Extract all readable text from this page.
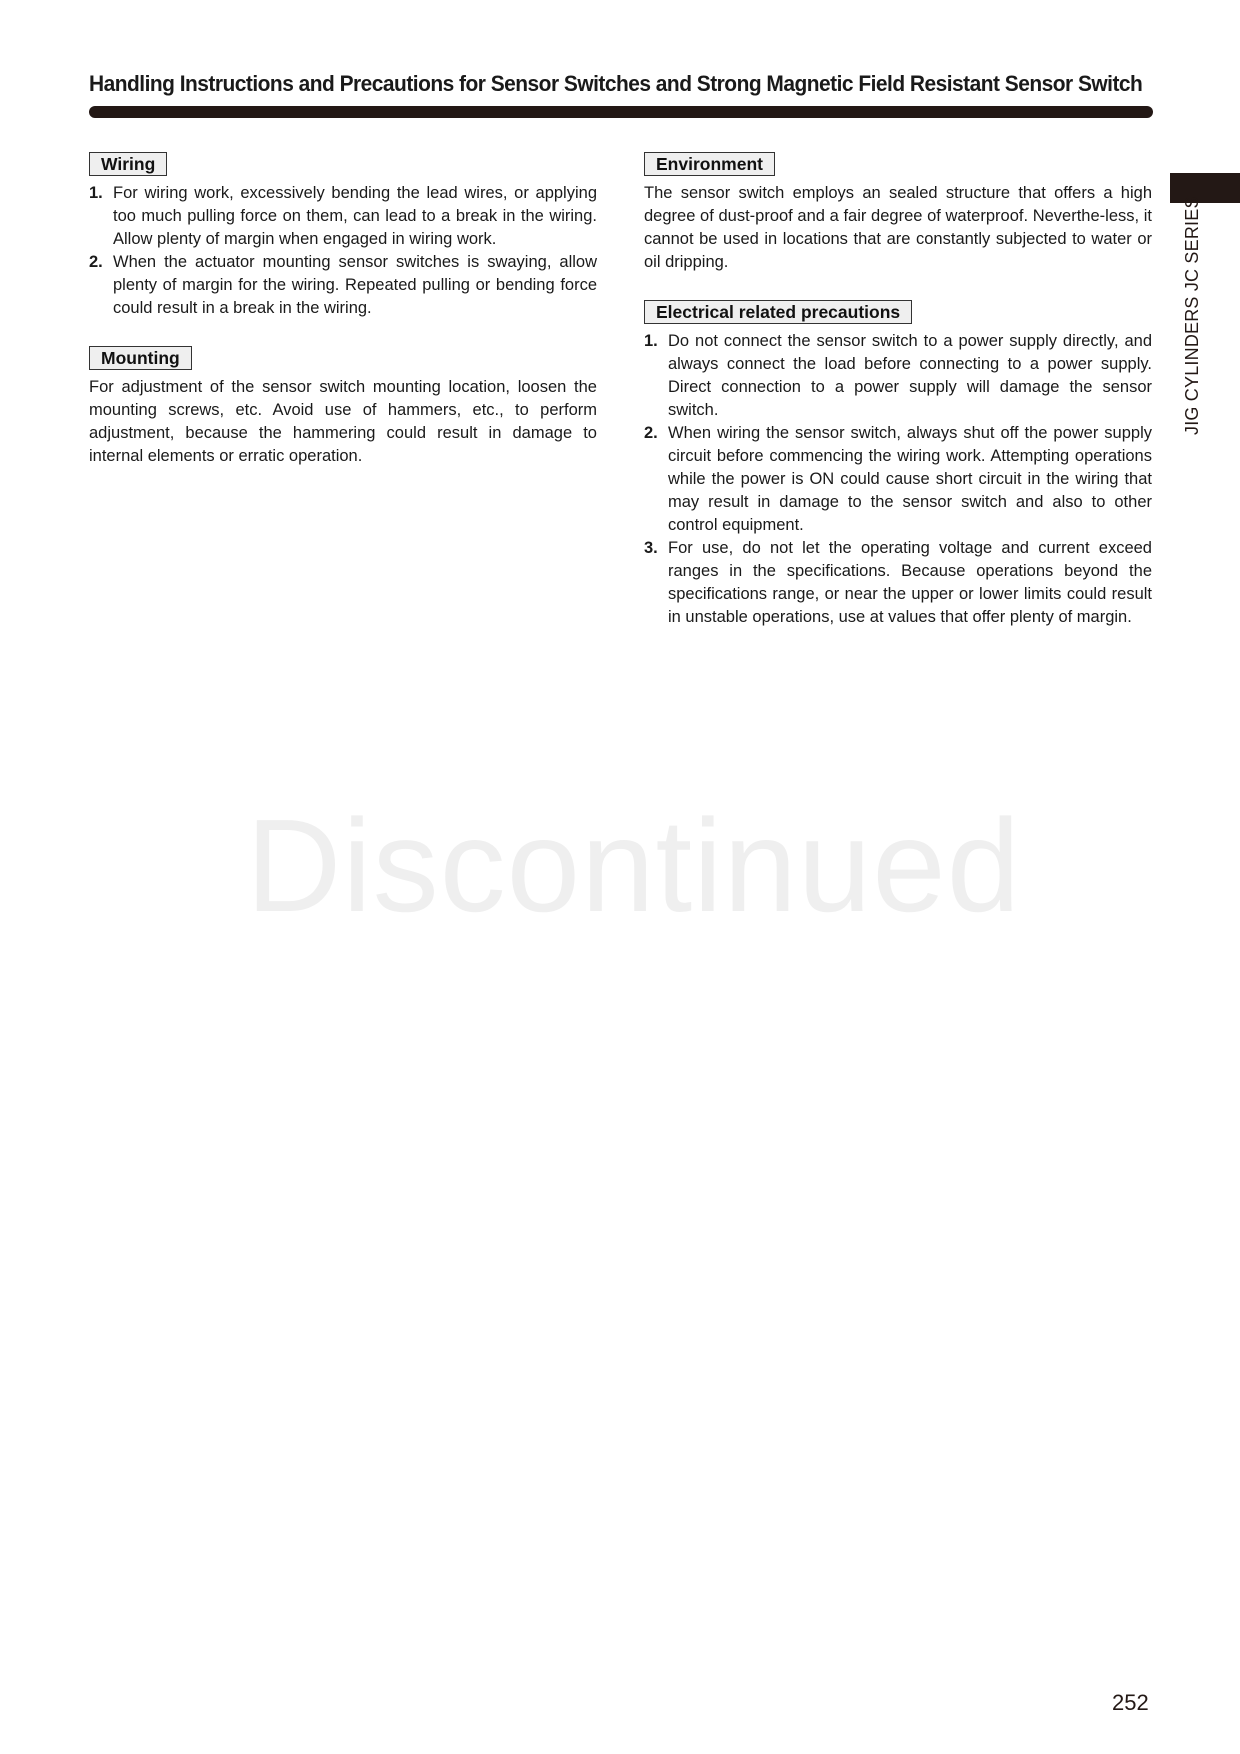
Handling Instructions and Precautions for Sensor Switches and Strong Magnetic Field Resistant Sensor Switch
JIG CYLINDERS JC SERIES
Wiring
1. For wiring work, excessively bending the lead wires, or applying too much pulling force on them, can lead to a break in the wiring. Allow plenty of margin when engaged in wiring work.
2. When the actuator mounting sensor switches is swaying, allow plenty of margin for the wiring. Repeated pulling or bending force could result in a break in the wiring.
Mounting

For adjustment of the sensor switch mounting location, loosen the mounting screws, etc. Avoid use of hammers, etc., to perform adjustment, because the hammering could result in damage to internal elements or erratic operation.

Environment

The sensor switch employs an sealed structure that offers a high degree of dust-proof and a fair degree of waterproof. Neverthe-less, it cannot be used in locations that are constantly subjected to water or oil dripping.

Electrical related precautions
1. Do not connect the sensor switch to a power supply directly, and always connect the load before connecting to a power supply. Direct connection to a power supply will damage the sensor switch.
2. When wiring the sensor switch, always shut off the power supply circuit before commencing the wiring work. Attempting operations while the power is ON could cause short circuit in the wiring that may result in damage to the sensor switch and also to other control equipment.
3. For use, do not let the operating voltage and current exceed ranges in the specifications. Because operations beyond the specifications range, or near the upper or lower limits could result in unstable operations, use at values that offer plenty of margin.
Discontinued
252
